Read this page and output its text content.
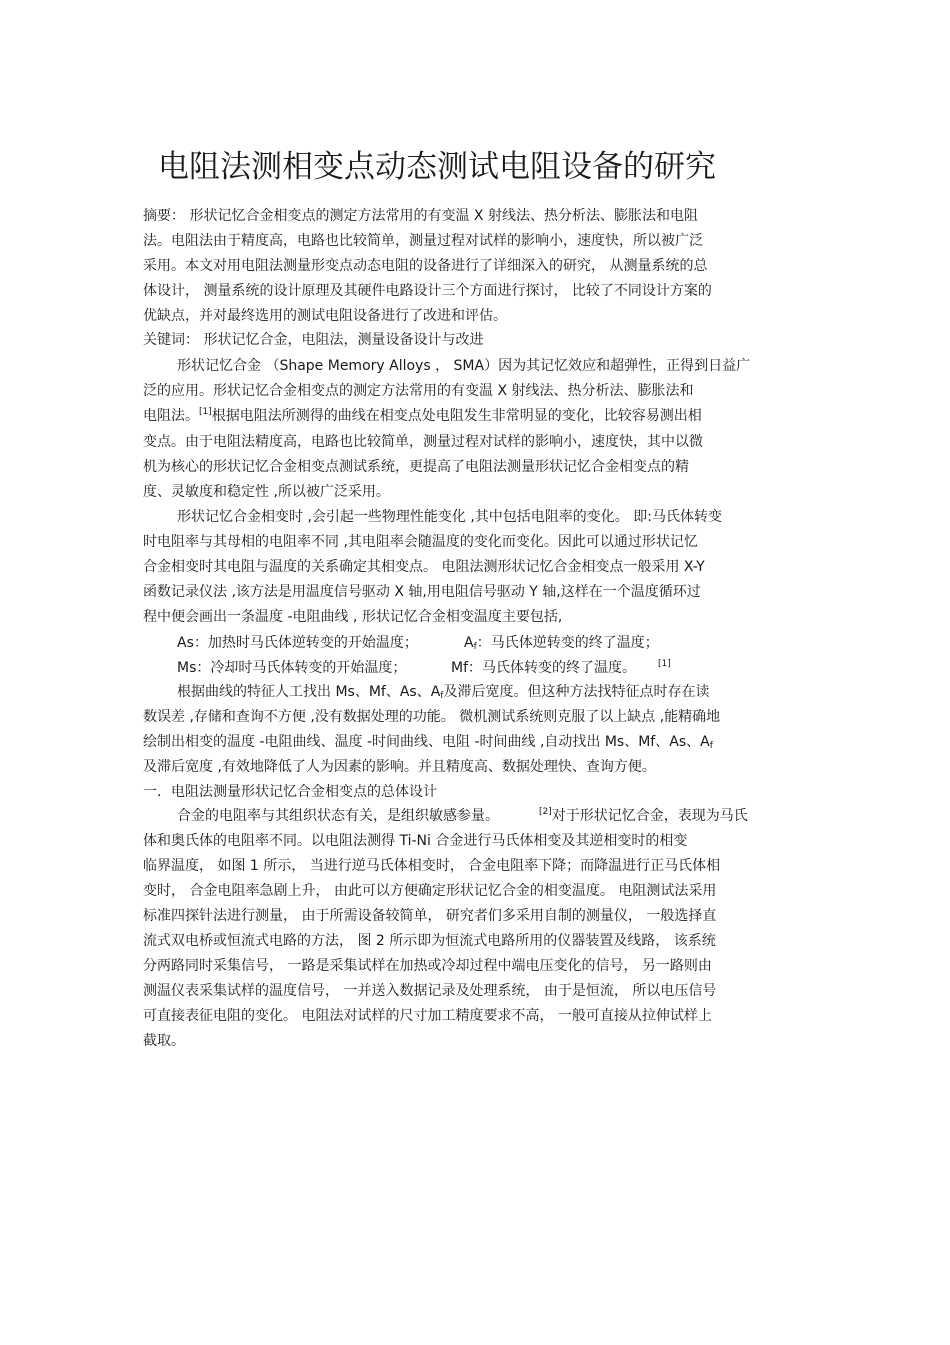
电阻法测相变点动态测试电阻设备的研究
摘要： 形状记忆合金相变点的测定方法常用的有变温 X 射线法、热分析法、膨胀法和电阻
法。电阻法由于精度高，电路也比较简单，测量过程对试样的影响小，速度快，所以被广泛
采用。本文对用电阻法测量形变点动态电阻的设备进行了详细深入的研究， 从测量系统的总
体设计， 测量系统的设计原理及其硬件电路设计三个方面进行探讨， 比较了不同设计方案的
优缺点，并对最终选用的测试电阻设备进行了改进和评估。
关键词： 形状记忆合金，电阻法，测量设备设计与改进
形状记忆合金 （Shape Memory Alloys ， SMA）因为其记忆效应和超弹性，正得到日益广
泛的应用。形状记忆合金相变点的测定方法常用的有变温 X 射线法、热分析法、膨胀法和
电阻法。[1]根据电阻法所测得的曲线在相变点处电阻发生非常明显的变化，比较容易测出相
变点。由于电阻法精度高，电路也比较简单，测量过程对试样的影响小，速度快，其中以微
机为核心的形状记忆合金相变点测试系统，更提高了电阻法测量形状记忆合金相变点的精
度、灵敏度和稳定性 ,所以被广泛采用。
形状记忆合金相变时 ,会引起一些物理性能变化 ,其中包括电阻率的变化。 即:马氏体转变
时电阻率与其母相的电阻率不同 ,其电阻率会随温度的变化而变化。因此可以通过形状记忆
合金相变时其电阻与温度的关系确定其相变点。 电阻法测形状记忆合金相变点一般采用 X-Y
函数记录仪法 ,该方法是用温度信号驱动 X 轴,用电阻信号驱动 Y 轴,这样在一个温度循环过
程中便会画出一条温度 -电阻曲线 , 形状记忆合金相变温度主要包括,
As：加热时马氏体逆转变的开始温度；	$A_f$：马氏体逆转变的终了温度；
Ms：冷却时马氏体转变的开始温度；	Mf：马氏体转变的终了温度。 [1]
根据曲线的特征人工找出 Ms、Mf、As、$A_f$及滞后宽度。但这种方法找特征点时存在读
数误差 ,存储和查询不方便 ,没有数据处理的功能。 微机测试系统则克服了以上缺点 ,能精确地
绘制出相变的温度 -电阻曲线、温度 -时间曲线、电阻 -时间曲线 ,自动找出 Ms、Mf、As、$A_f$
及滞后宽度 ,有效地降低了人为因素的影响。并且精度高、数据处理快、查询方便。
一．电阻法测量形状记忆合金相变点的总体设计
合金的电阻率与其组织状态有关，是组织敏感参量。	[2]对于形状记忆合金，表现为马氏
体和奥氏体的电阻率不同。以电阻法测得 Ti-Ni 合金进行马氏体相变及其逆相变时的相变
临界温度， 如图 1 所示， 当进行逆马氏体相变时， 合金电阻率下降；而降温进行正马氏体相
变时， 合金电阻率急剧上升， 由此可以方便确定形状记忆合金的相变温度。 电阻测试法采用
标准四探针法进行测量， 由于所需设备较简单， 研究者们多采用自制的测量仪， 一般选择直
流式双电桥或恒流式电路的方法， 图 2 所示即为恒流式电路所用的仪器装置及线路， 该系统
分两路同时采集信号， 一路是采集试样在加热或冷却过程中端电压变化的信号， 另一路则由
测温仪表采集试样的温度信号， 一并送入数据记录及处理系统， 由于是恒流， 所以电压信号
可直接表征电阻的变化。 电阻法对试样的尺寸加工精度要求不高， 一般可直接从拉伸试样上
截取。
